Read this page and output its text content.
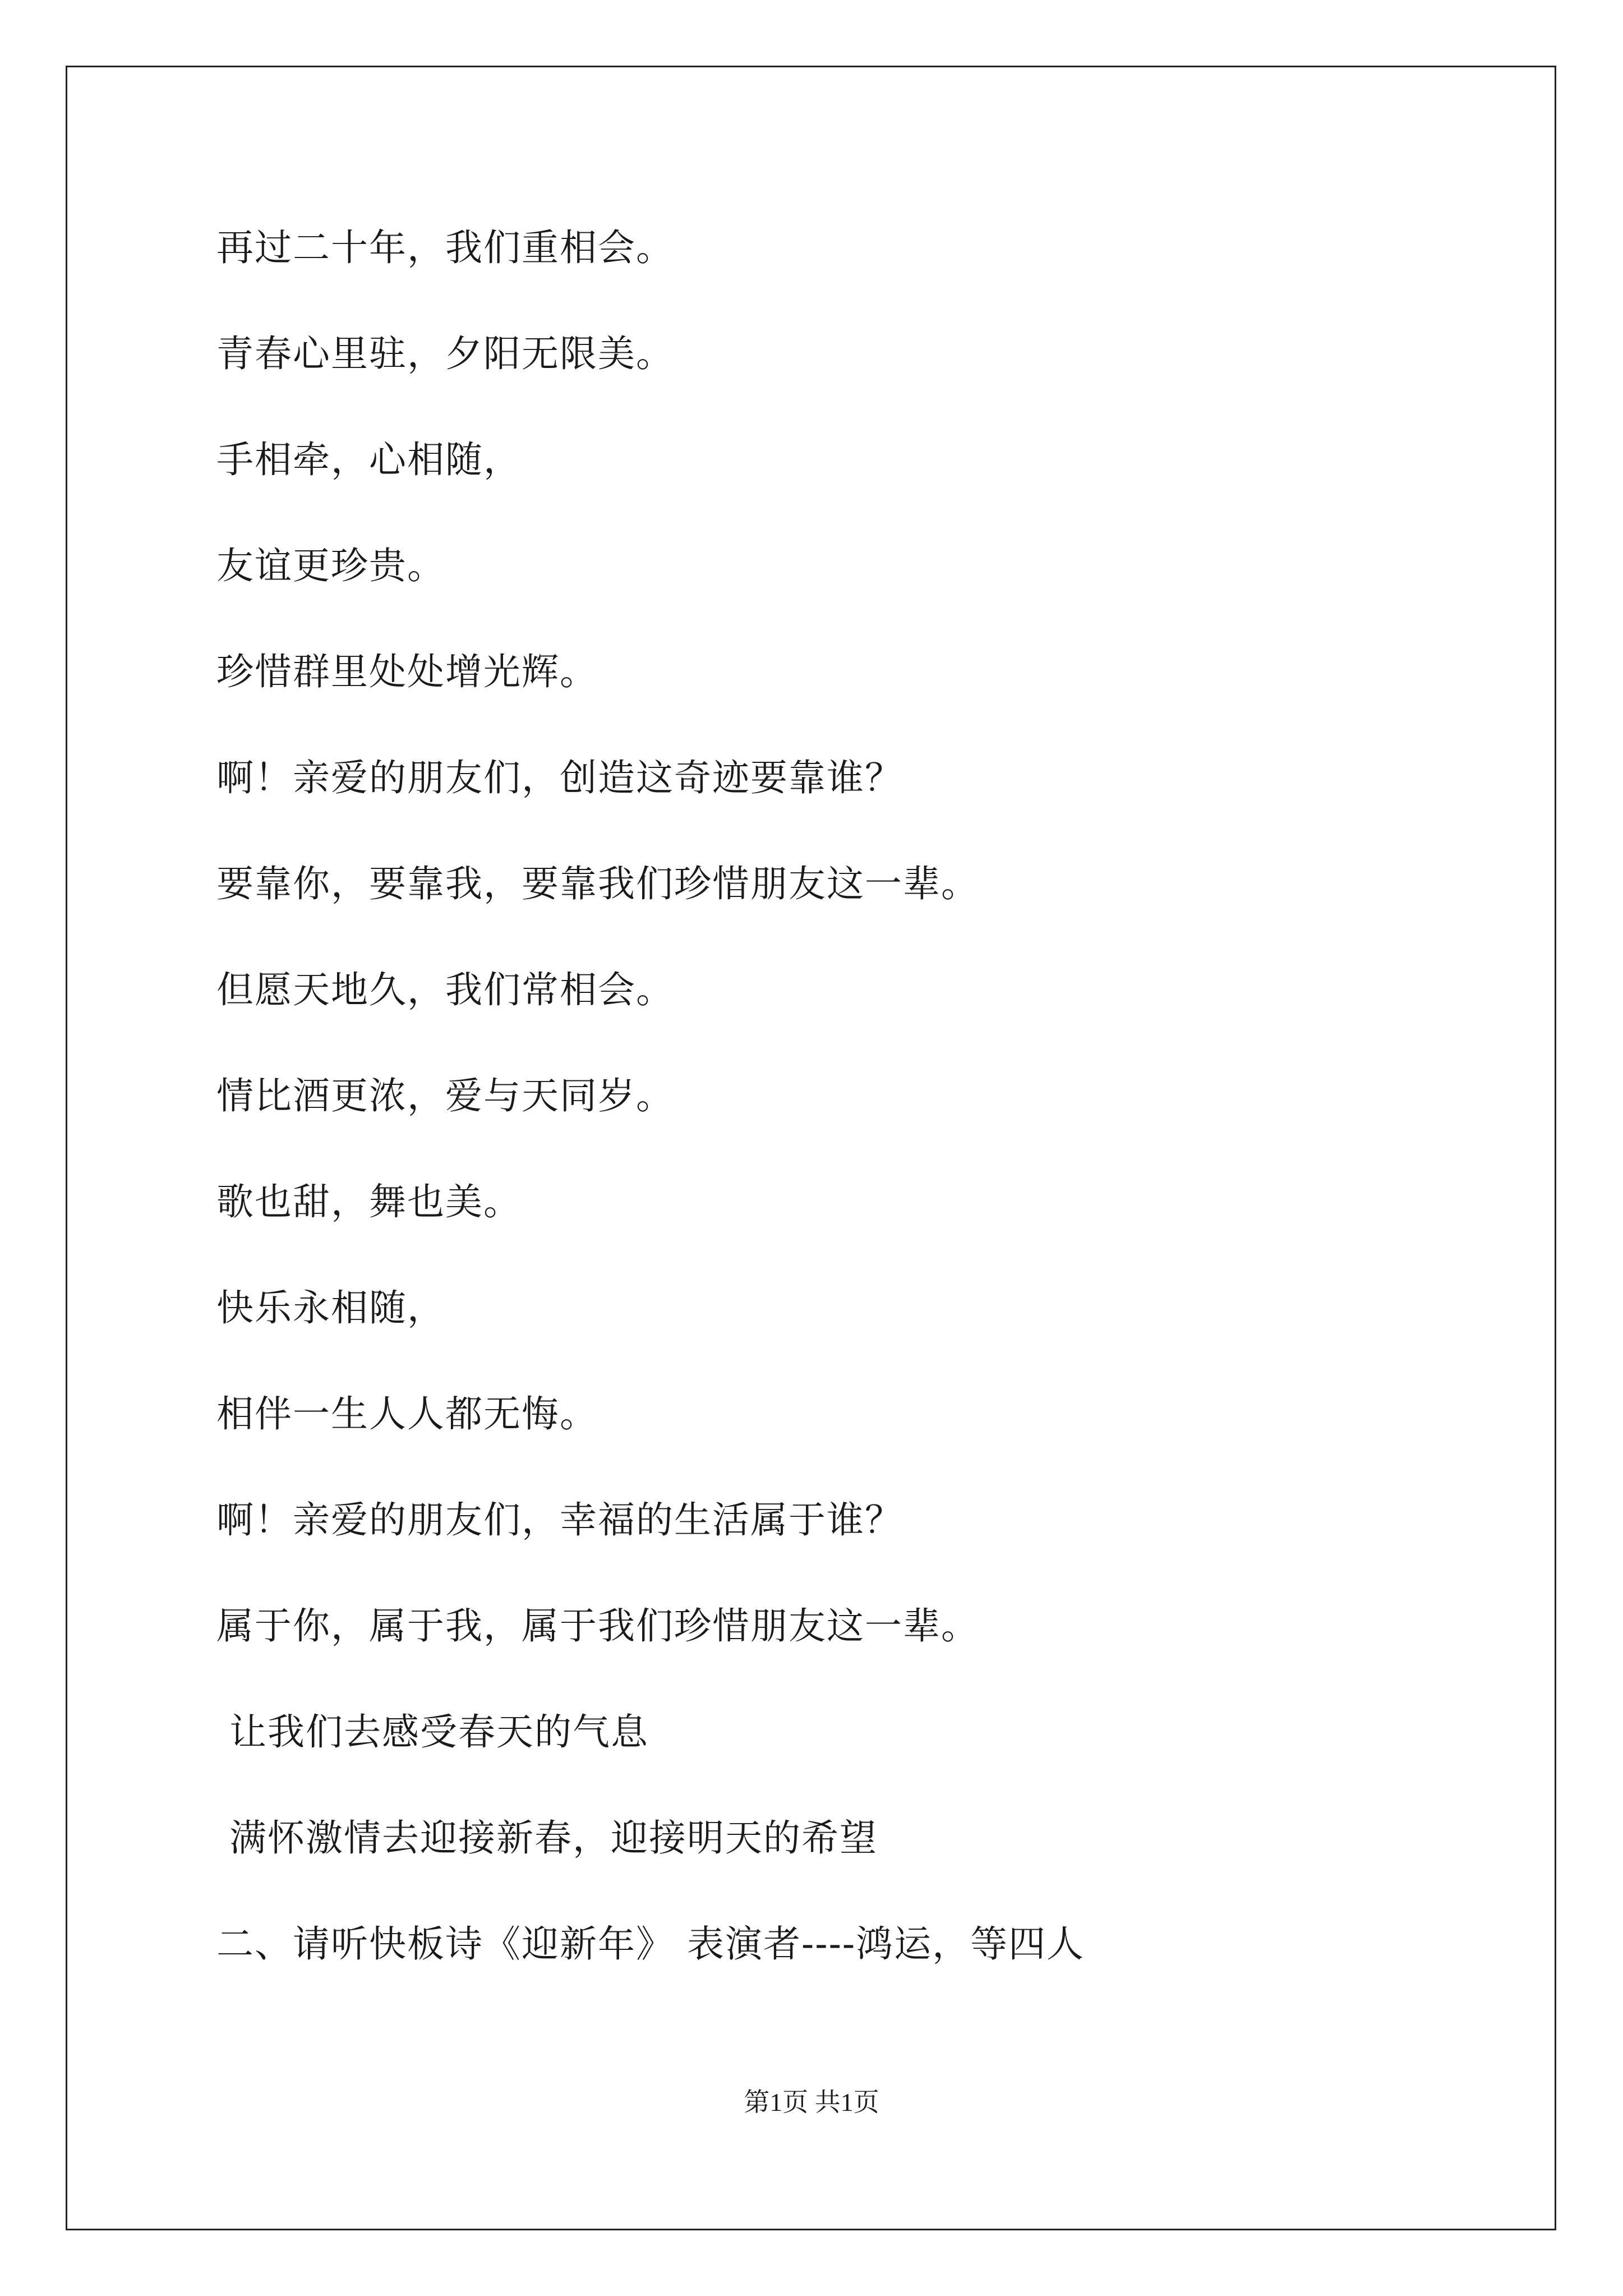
再过二十年，我们重相会。
青春心里驻，夕阳无限美。
手相牵，心相随，
友谊更珍贵。
珍惜群里处处增光辉。
啊！亲爱的朋友们，创造这奇迹要靠谁？
要靠你，要靠我，要靠我们珍惜朋友这一辈。
但愿天地久，我们常相会。
情比酒更浓，爱与天同岁。
歌也甜，舞也美。
快乐永相随，
相伴一生人人都无悔。
啊！亲爱的朋友们，幸福的生活属于谁？
属于你，属于我，属于我们珍惜朋友这一辈。
让我们去感受春天的气息
满怀激情去迎接新春，迎接明天的希望
二、请听快板诗《迎新年》 表演者----鸿运，等四人
第1页 共1页
